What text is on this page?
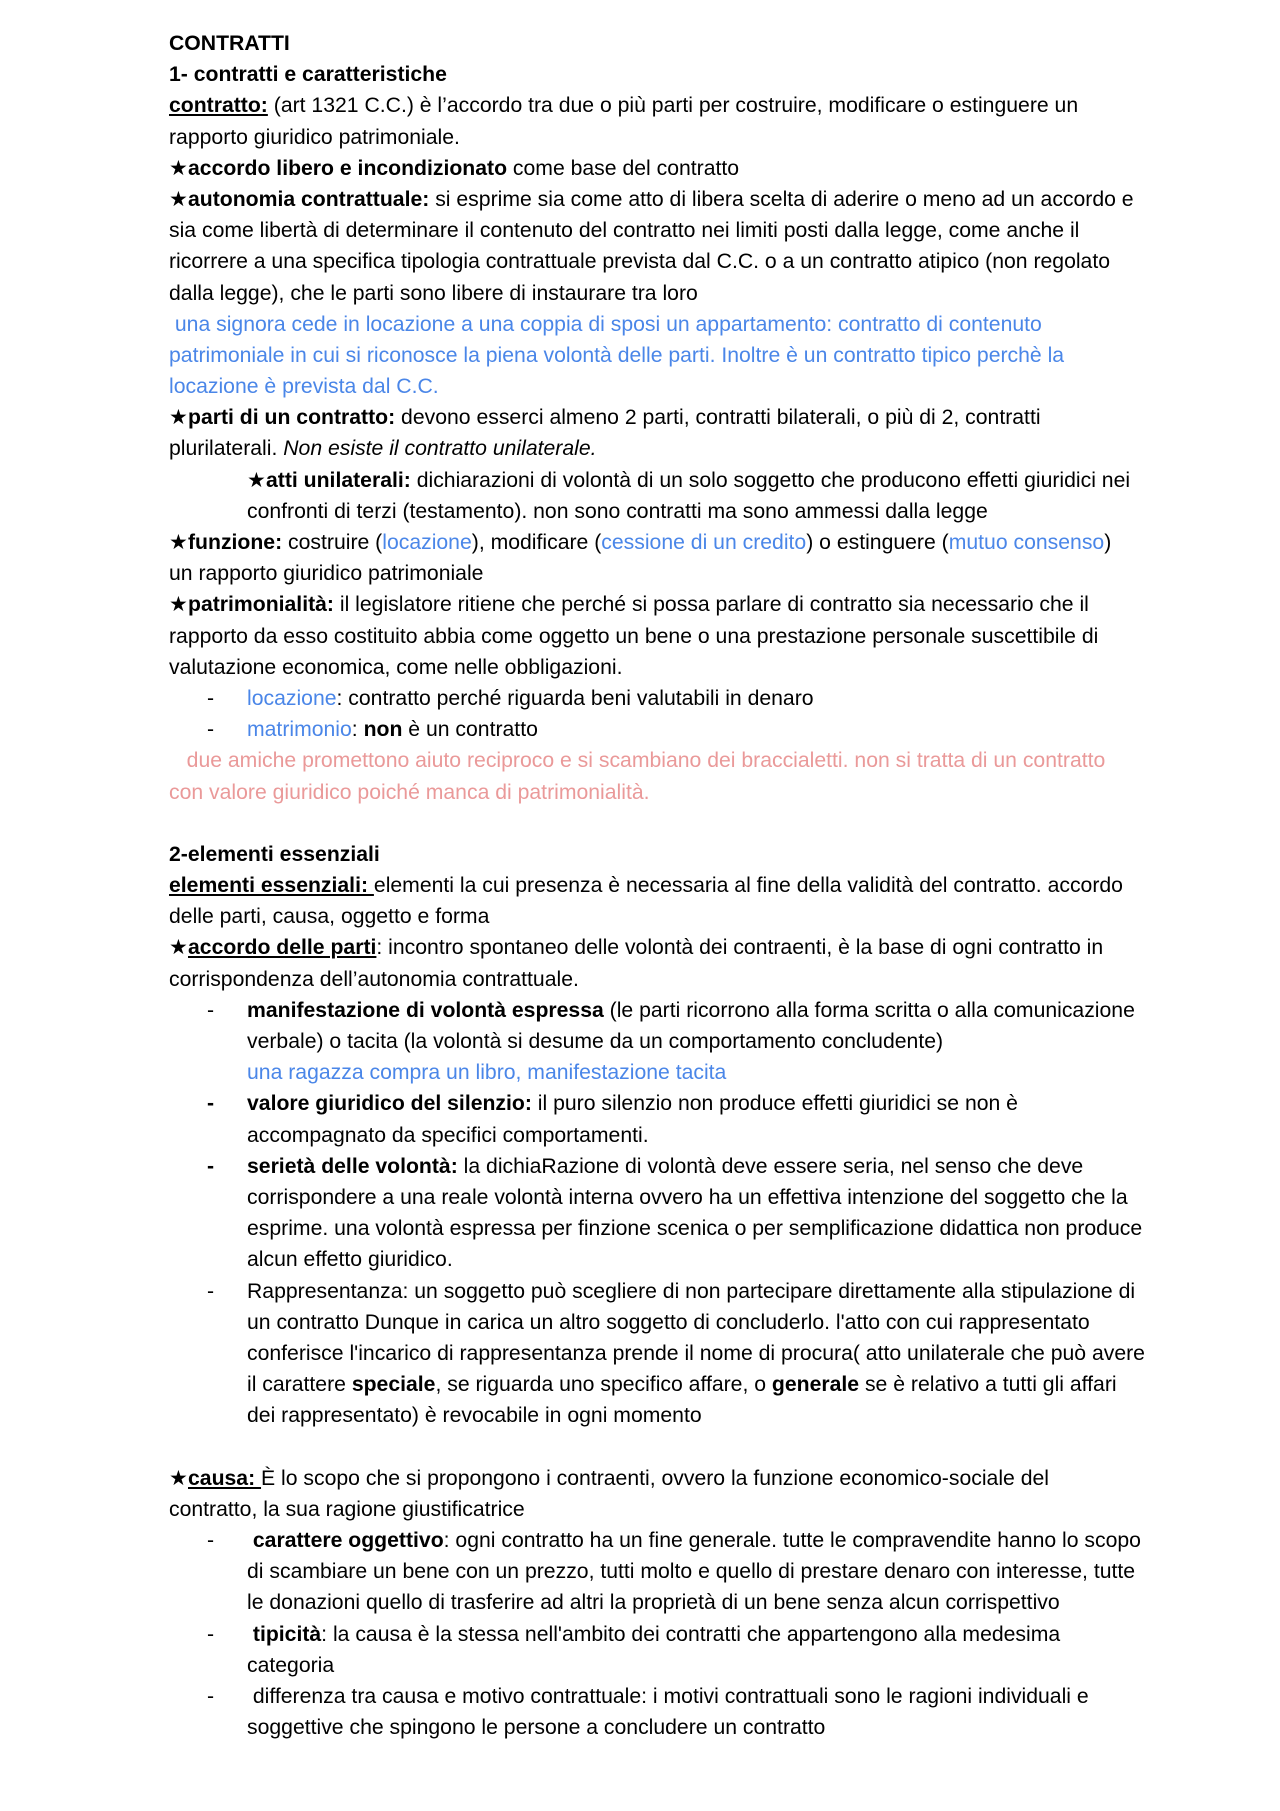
CONTRATTI
1- contratti e caratteristiche
contratto: (art 1321 C.C.) è l’accordo tra due o più parti per costruire, modificare o estinguere un
rapporto giuridico patrimoniale.
★accordo libero e incondizionato come base del contratto
★autonomia contrattuale: si esprime sia come atto di libera scelta di aderire o meno ad un accordo e
sia come libertà di determinare il contenuto del contratto nei limiti posti dalla legge, come anche il
ricorrere a una specifica tipologia contrattuale prevista dal C.C. o a un contratto atipico (non regolato
dalla legge), che le parti sono libere di instaurare tra loro
una signora cede in locazione a una coppia di sposi un appartamento: contratto di contenuto
patrimoniale in cui si riconosce la piena volontà delle parti. Inoltre è un contratto tipico perchè la
locazione è prevista dal C.C.
★parti di un contratto: devono esserci almeno 2 parti, contratti bilaterali, o più di 2, contratti
plurilaterali. Non esiste il contratto unilaterale.
★atti unilaterali: dichiarazioni di volontà di un solo soggetto che producono effetti giuridici nei
confronti di terzi (testamento). non sono contratti ma sono ammessi dalla legge
★funzione: costruire (locazione), modificare (cessione di un credito) o estinguere (mutuo consenso)
un rapporto giuridico patrimoniale
★patrimonialità: il legislatore ritiene che perché si possa parlare di contratto sia necessario che il
rapporto da esso costituito abbia come oggetto un bene o una prestazione personale suscettibile di
valutazione economica, come nelle obbligazioni.
- locazione: contratto perché riguarda beni valutabili in denaro
- matrimonio: non è un contratto
due amiche promettono aiuto reciproco e si scambiano dei braccialetti. non si tratta di un contratto
con valore giuridico poiché manca di patrimonialità.
2-elementi essenziali
elementi essenziali: elementi la cui presenza è necessaria al fine della validità del contratto. accordo
delle parti, causa, oggetto e forma
★accordo delle parti: incontro spontaneo delle volontà dei contraenti, è la base di ogni contratto in
corrispondenza dell’autonomia contrattuale.
- manifestazione di volontà espressa (le parti ricorrono alla forma scritta o alla comunicazione
verbale) o tacita (la volontà si desume da un comportamento concludente)
una ragazza compra un libro, manifestazione tacita
- valore giuridico del silenzio: il puro silenzio non produce effetti giuridici se non è
accompagnato da specifici comportamenti.
- serietà delle volontà: la dichiaRazione di volontà deve essere seria, nel senso che deve
corrispondere a una reale volontà interna ovvero ha un effettiva intenzione del soggetto che la
esprime. una volontà espressa per finzione scenica o per semplificazione didattica non produce
alcun effetto giuridico.
- Rappresentanza: un soggetto può scegliere di non partecipare direttamente alla stipulazione di
un contratto Dunque in carica un altro soggetto di concluderlo. l'atto con cui rappresentato
conferisce l'incarico di rappresentanza prende il nome di procura( atto unilaterale che può avere
il carattere speciale, se riguarda uno specifico affare, o generale se è relativo a tutti gli affari
dei rappresentato) è revocabile in ogni momento
★causa: È lo scopo che si propongono i contraenti, ovvero la funzione economico-sociale del
contratto, la sua ragione giustificatrice
- carattere oggettivo: ogni contratto ha un fine generale. tutte le compravendite hanno lo scopo
di scambiare un bene con un prezzo, tutti molto e quello di prestare denaro con interesse, tutte
le donazioni quello di trasferire ad altri la proprietà di un bene senza alcun corrispettivo
- tipicità: la causa è la stessa nell'ambito dei contratti che appartengono alla medesima
categoria
- differenza tra causa e motivo contrattuale: i motivi contrattuali sono le ragioni individuali e
soggettive che spingono le persone a concludere un contratto
